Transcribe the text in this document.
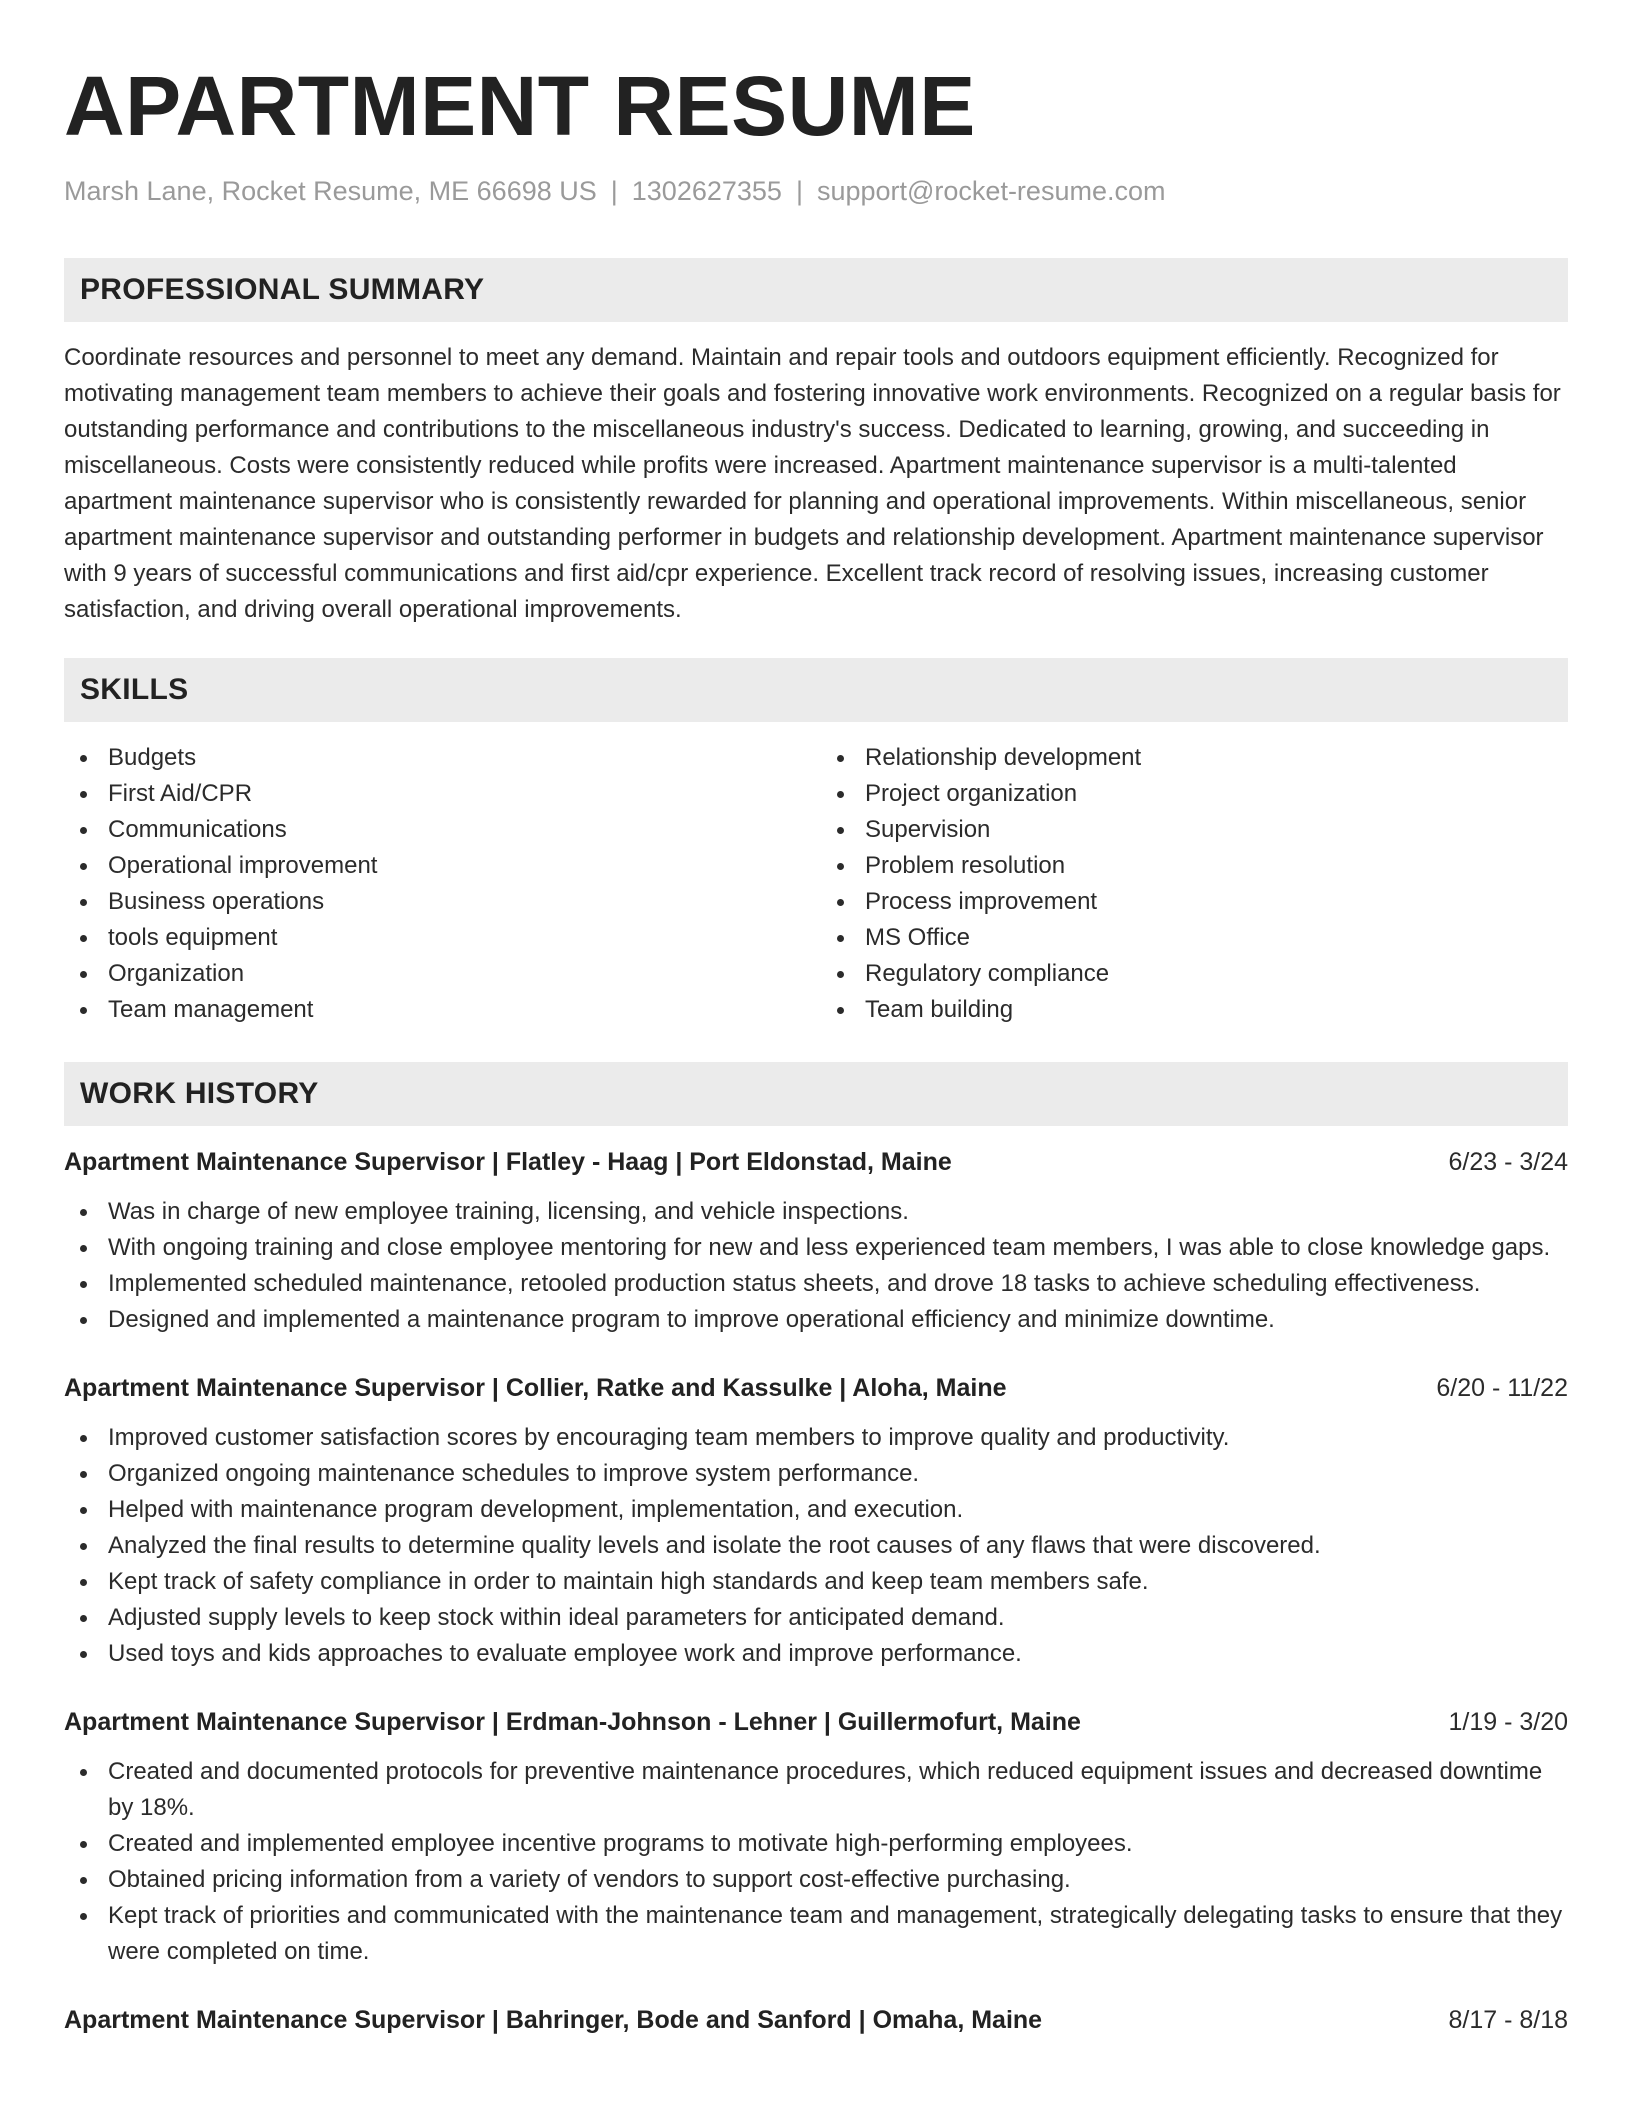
APARTMENT RESUME
Marsh Lane, Rocket Resume, ME 66698 US | 1302627355 | support@rocket-resume.com
PROFESSIONAL SUMMARY

Coordinate resources and personnel to meet any demand. Maintain and repair tools and outdoors equipment efficiently. Recognized for motivating management team members to achieve their goals and fostering innovative work environments. Recognized on a regular basis for outstanding performance and contributions to the miscellaneous industry's success. Dedicated to learning, growing, and succeeding in miscellaneous. Costs were consistently reduced while profits were increased. Apartment maintenance supervisor is a multi-talented apartment maintenance supervisor who is consistently rewarded for planning and operational improvements. Within miscellaneous, senior apartment maintenance supervisor and outstanding performer in budgets and relationship development. Apartment maintenance supervisor with 9 years of successful communications and first aid/cpr experience. Excellent track record of resolving issues, increasing customer satisfaction, and driving overall operational improvements.

SKILLS
Budgets
First Aid/CPR
Communications
Operational improvement
Business operations
tools equipment
Organization
Team management
Relationship development
Project organization
Supervision
Problem resolution
Process improvement
MS Office
Regulatory compliance
Team building
WORK HISTORY
Apartment Maintenance Supervisor | Flatley - Haag | Port Eldonstad, Maine	6/23 - 3/24
Was in charge of new employee training, licensing, and vehicle inspections.
With ongoing training and close employee mentoring for new and less experienced team members, I was able to close knowledge gaps.
Implemented scheduled maintenance, retooled production status sheets, and drove 18 tasks to achieve scheduling effectiveness.
Designed and implemented a maintenance program to improve operational efficiency and minimize downtime.
Apartment Maintenance Supervisor | Collier, Ratke and Kassulke | Aloha, Maine	6/20 - 11/22
Improved customer satisfaction scores by encouraging team members to improve quality and productivity.
Organized ongoing maintenance schedules to improve system performance.
Helped with maintenance program development, implementation, and execution.
Analyzed the final results to determine quality levels and isolate the root causes of any flaws that were discovered.
Kept track of safety compliance in order to maintain high standards and keep team members safe.
Adjusted supply levels to keep stock within ideal parameters for anticipated demand.
Used toys and kids approaches to evaluate employee work and improve performance.
Apartment Maintenance Supervisor | Erdman-Johnson - Lehner | Guillermofurt, Maine	1/19 - 3/20
Created and documented protocols for preventive maintenance procedures, which reduced equipment issues and decreased downtime by 18%.
Created and implemented employee incentive programs to motivate high-performing employees.
Obtained pricing information from a variety of vendors to support cost-effective purchasing.
Kept track of priorities and communicated with the maintenance team and management, strategically delegating tasks to ensure that they were completed on time.
Apartment Maintenance Supervisor | Bahringer, Bode and Sanford | Omaha, Maine	8/17 - 8/18
